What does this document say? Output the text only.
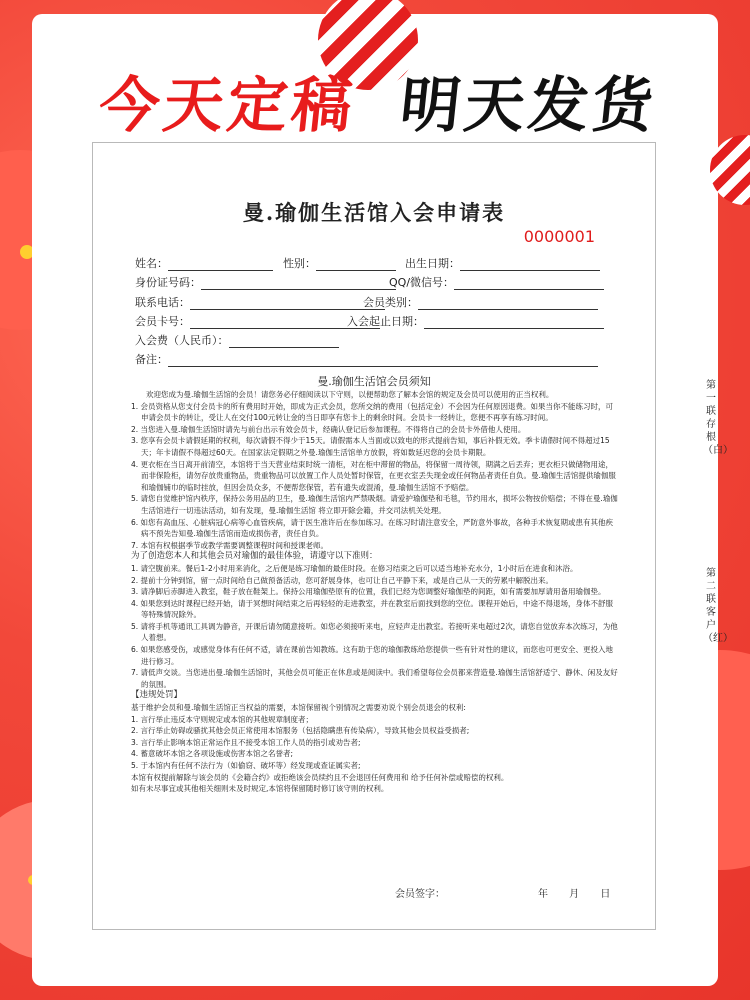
今天定稿 明天发货
曼.瑜伽生活馆入会申请表
0000001
姓名：	性别：	出生日期：
身份证号码：	QQ/微信号：
联系电话：	会员类别：
会员卡号：	入会起止日期：
入会费（人民币）：
备注：
曼.瑜伽生活馆会员须知

欢迎您成为曼.瑜伽生活馆的会员！请您务必仔细阅读以下守则，以便帮助您了解本会馆的规定及会员可以使用的正当权利。

1. 会员资格从您支付会员卡的所有费用时开始，即成为正式会员，您所交纳的费用（包括定金）不会因为任何原因退费。如果当你不能练习时，可申请会员卡的转让，受让人在交付100元转让金的当日即享有您卡上的剩余时间。会员卡一经转让，您便不再享有练习时间。

2. 当您进入曼.瑜伽生活馆时请先与前台出示有效会员卡，经确认登记后参加课程。不得将自己的会员卡外借他人使用。

3. 您享有会员卡请假延期的权利，每次请假不得少于15天。请假需本人当面或以致电的形式提前告知，事后补假无效。季卡请假时间不得超过15天；年卡请假不得超过60天。在国家法定假期之外曼.瑜伽生活馆单方放假，将如数延迟您的会员卡期限。

4. 更衣柜在当日离开前清空，本馆将于当天营业结束时统一清柜，对在柜中滞留的物品，将保留一周待领，期满之后丢弃；更衣柜只做储物用途，而非保险柜，请勿存放贵重物品，贵重物品可以放置工作人员处暂时保管，在更衣室丢失现金或任何物品者责任自负。曼.瑜伽生活馆提供瑜伽服和瑜伽铺巾的临时挂放，但因会员众多，不便帮您保管，若有遗失或混淆，曼.瑜伽生活馆不予赔偿。

5. 请您自觉维护馆内秩序，保持公务用品的卫生，曼.瑜伽生活馆内严禁吸烟。请爱护瑜伽垫和毛毯，节约用水，损坏公物按价赔偿；不得在曼.瑜伽生活馆进行一切违法活动，如有发现，曼.瑜伽生活馆 将立即开除会籍，并交司法机关处理。

6. 如您有高血压、心脏病冠心病等心血管疾病，请于医生准许后在参加练习。在练习时请注意安全，严防意外事故，各种手术恢复期或患有其他疾病不预先告知曼.瑜伽生活馆而造成损伤者，责任自负。

7. 本馆有权根据季节或教学需要调整课程时间和授课老师。

为了创造您本人和其他会员对瑜伽的最佳体验，请遵守以下准则：

1. 请空腹前来。餐后1-2小时用来消化，之后便是练习瑜伽的最佳时段。在修习结束之后可以适当地补充水分，1小时后在进食和沐浴。

2. 提前十分钟到馆，留一点时间给自己做预备活动，您可舒展身体，也可让自己平静下来，或是自己从一天的劳累中解脱出来。

3. 请净脚后赤脚进入教室，鞋子放在鞋架上。保持公用瑜伽垫原有的位置，我们已经为您调整好瑜伽垫的间距，如有需要加厚请用备用瑜伽垫。

4. 如果您到达时课程已经开始，请于冥想时间结束之后再轻轻的走进教室，并在教室后面找到您的空位。课程开始后，中途不得退场，身体不舒服等特殊情况除外。

5. 请将手机等通讯工具调为静音，开课后请勿随意接听。如您必须接听来电，应轻声走出教室。若接听来电超过2次，请您自觉放弃本次练习，为他人着想。

6. 如果您感受伤，或感觉身体有任何不适，请在课前告知教练。这有助于您的瑜伽教练给您提供一些有针对性的建议，而您也可更安全、更投入地进行修习。

7. 请低声交谈。当您进出曼.瑜伽生活馆时，其他会员可能正在休息或是阅读中。我们希望每位会员都来营造曼.瑜伽生活馆舒适宁、静休、闲及友好的氛围。

【违规处罚】

基于维护会员和曼.瑜伽生活馆正当权益的需要，本馆保留视个别情况之需要劝说个别会员退会的权利:

1. 言行举止违反本守则规定或本馆的其他规章制度者；

2. 言行举止妨碍或骚扰其他会员正常使用本馆服务（包括隐瞒患有传染病），导致其他会员权益受损者;

3. 言行举止影响本馆正常运作且不接受本馆工作人员的指引或劝告者;

4. 蓄意破坏本馆之各项设施或伤害本馆之名誉者;

5. 于本馆内有任何不法行为（如偷窃、破坏等）经发现或查证属实者;

本馆有权提前解除与该会员的《会籍合约》或拒绝该会员续约且不会退回任何费用和 给予任何补偿或赔偿的权利。

如有未尽事宜或其他相关细则未及时规定,本馆将保留随时修订该守则的权利。

会员签字：	年 月 日
第一联存根（白）
第二联客户（红）
